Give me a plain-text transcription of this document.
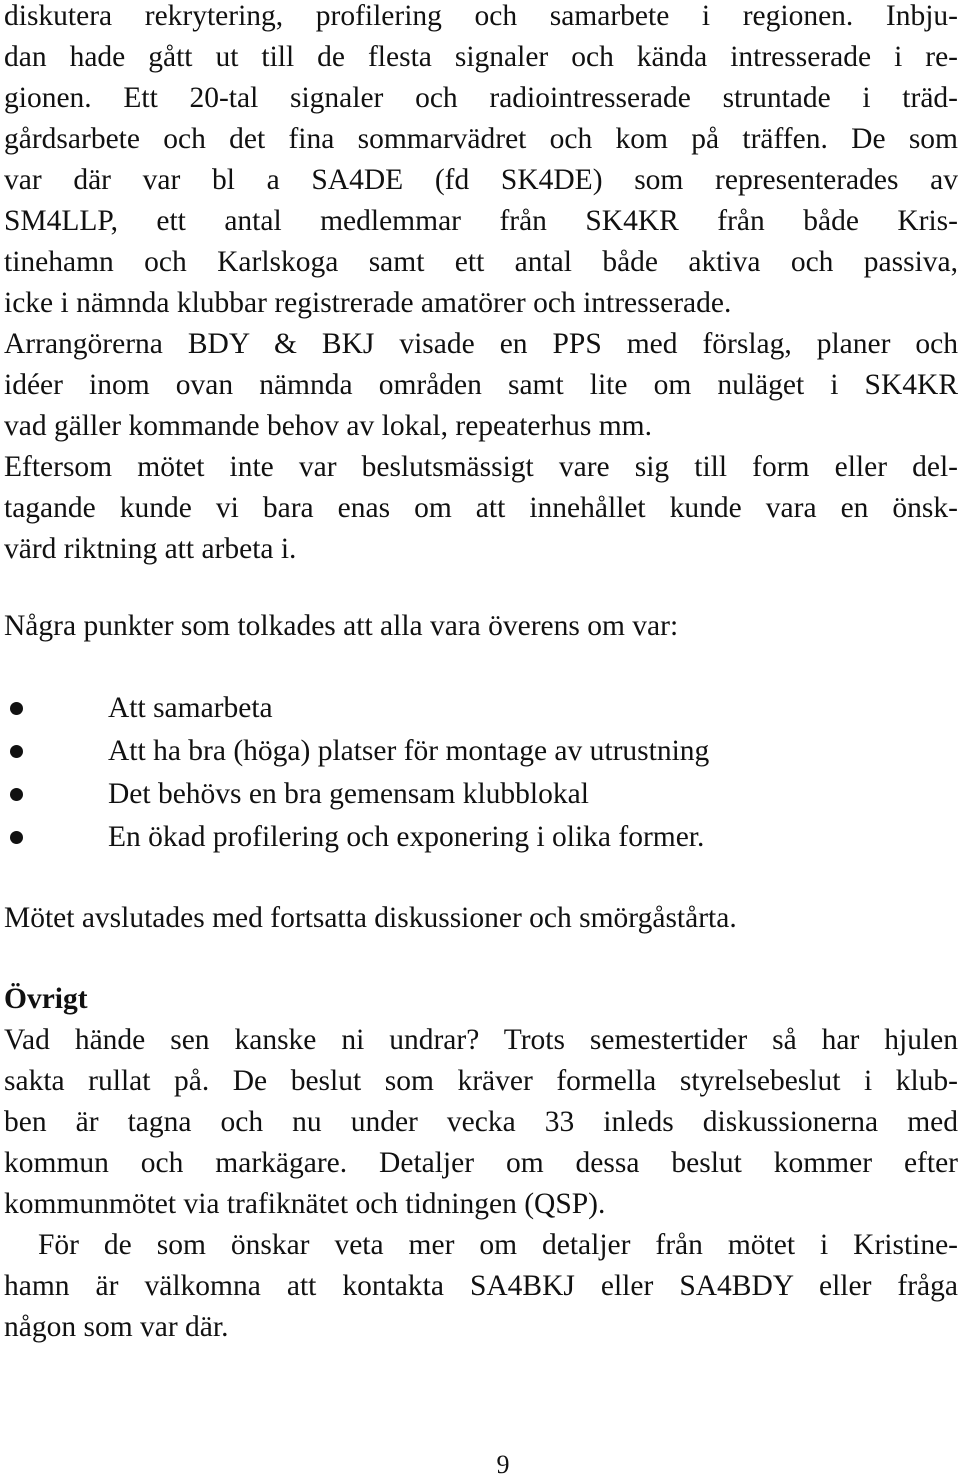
diskutera rekrytering, profilering och samarbete i regionen. Inbju-
dan hade gått ut till de flesta signaler och kända intresserade i re-
gionen. Ett 20-tal signaler och radiointresserade struntade i träd-
gårdsarbete och det fina sommarvädret och kom på träffen. De som
var där var bl a SA4DE (fd SK4DE) som representerades av
SM4LLP, ett antal medlemmar från SK4KR från både Kris-
tinehamn och Karlskoga samt ett antal både aktiva och passiva,
icke i nämnda klubbar registrerade amatörer och intresserade.
Arrangörerna BDY & BKJ visade en PPS med förslag, planer och
idéer inom ovan nämnda områden samt lite om nuläget i SK4KR
vad gäller kommande behov av lokal, repeaterhus mm.
Eftersom mötet inte var beslutsmässigt vare sig till form eller del-
tagande kunde vi bara enas om att innehållet kunde vara en önsk-
värd riktning att arbeta i.
Några punkter som tolkades att alla vara överens om var:
Att samarbeta
Att ha bra (höga) platser för montage av utrustning
Det behövs en bra gemensam klubblokal
En ökad profilering och exponering i olika former.
Mötet avslutades med fortsatta diskussioner och smörgåstårta.
Övrigt
Vad hände sen kanske ni undrar? Trots semestertider så har hjulen
sakta rullat på. De beslut som kräver formella styrelsebeslut i klub-
ben är tagna och nu under vecka 33 inleds diskussionerna med
kommun och markägare. Detaljer om dessa beslut kommer efter
kommunmötet via trafiknätet och tidningen (QSP).
För de som önskar veta mer om detaljer från mötet i Kristine-
hamn är välkomna att kontakta SA4BKJ eller SA4BDY eller fråga
någon som var där.
9
